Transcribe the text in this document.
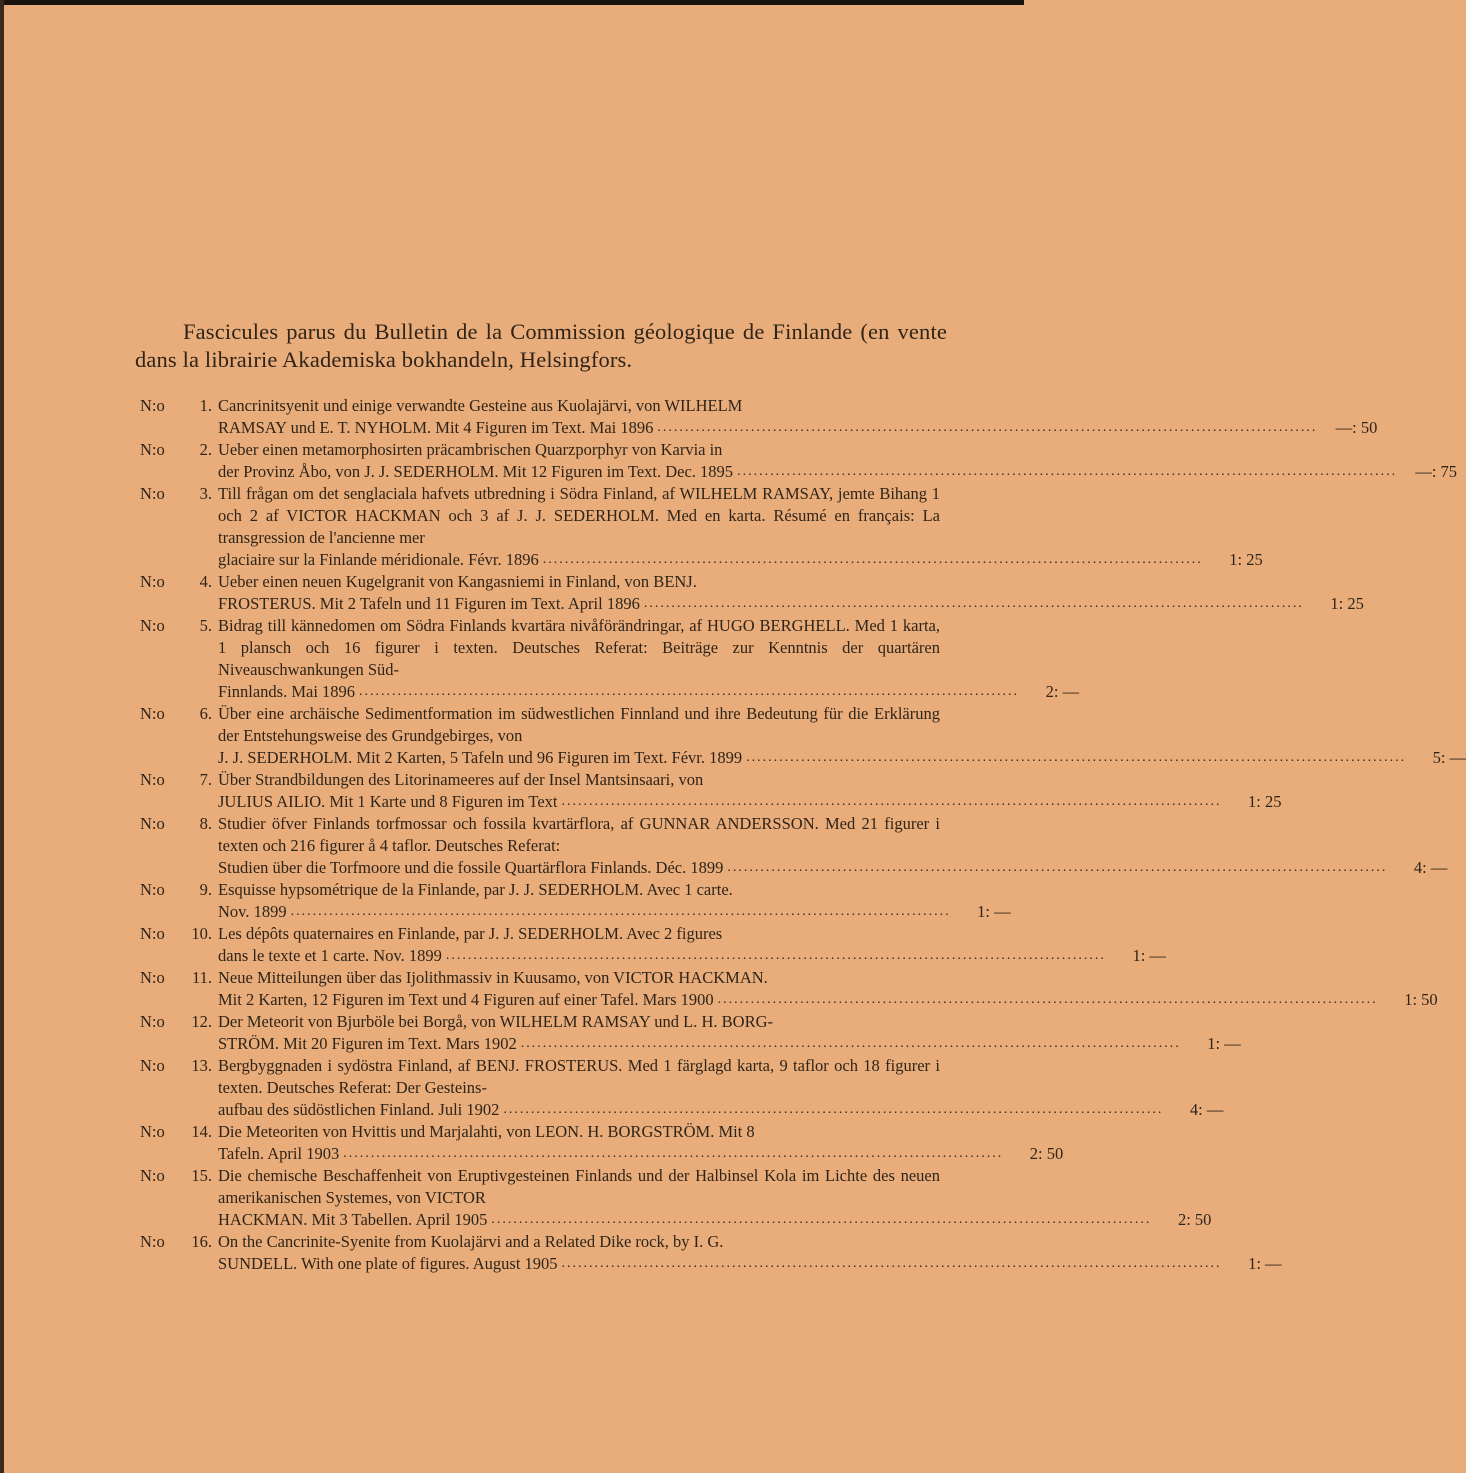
Fascicules parus du Bulletin de la Commission géologique de Finlande (en vente dans la librairie Akademiska bokhandeln, Helsingfors.

N:o 1. Cancrinitsyenit und einige verwandte Gesteine aus Kuolajärvi, von WILHELM
RAMSAY und E. T. NYHOLM. Mit 4 Figuren im Text. Mai 1896 ........................................................................................................................	—: 50
N:o 2. Ueber einen metamorphosirten präcambrischen Quarzporphyr von Karvia in
der Provinz Åbo, von J. J. SEDERHOLM. Mit 12 Figuren im Text. Dec. 1895 ........................................................................................................................	—: 75
N:o 3. Till frågan om det senglaciala hafvets utbredning i Södra Finland, af WILHELM RAMSAY, jemte Bihang 1 och 2 af VICTOR HACKMAN och 3 af J. J. SEDERHOLM. Med en karta. Résumé en français: La transgression de l'ancienne mer
glaciaire sur la Finlande méridionale. Févr. 1896 ........................................................................................................................	1: 25
N:o 4. Ueber einen neuen Kugelgranit von Kangasniemi in Finland, von BENJ.
FROSTERUS. Mit 2 Tafeln und 11 Figuren im Text. April 1896 ........................................................................................................................	1: 25
N:o 5. Bidrag till kännedomen om Södra Finlands kvartära nivåförändringar, af HUGO BERGHELL. Med 1 karta, 1 plansch och 16 figurer i texten. Deutsches Referat: Beiträge zur Kenntnis der quartären Niveauschwankungen Süd-
Finnlands. Mai 1896 ........................................................................................................................	2: —
N:o 6. Über eine archäische Sedimentformation im südwestlichen Finnland und ihre Bedeutung für die Erklärung der Entstehungsweise des Grundgebirges, von
J. J. SEDERHOLM. Mit 2 Karten, 5 Tafeln und 96 Figuren im Text. Févr. 1899 ........................................................................................................................	5: —
N:o 7. Über Strandbildungen des Litorinameeres auf der Insel Mantsinsaari, von
JULIUS AILIO. Mit 1 Karte und 8 Figuren im Text ........................................................................................................................	1: 25
N:o 8. Studier öfver Finlands torfmossar och fossila kvartärflora, af GUNNAR ANDERSSON. Med 21 figurer i texten och 216 figurer å 4 taflor. Deutsches Referat:
Studien über die Torfmoore und die fossile Quartärflora Finlands. Déc. 1899 ........................................................................................................................	4: —
N:o 9. Esquisse hypsométrique de la Finlande, par J. J. SEDERHOLM. Avec 1 carte.
Nov. 1899 ........................................................................................................................	1: —
N:o 10. Les dépôts quaternaires en Finlande, par J. J. SEDERHOLM. Avec 2 figures
dans le texte et 1 carte. Nov. 1899 ........................................................................................................................	1: —
N:o 11. Neue Mitteilungen über das Ijolithmassiv in Kuusamo, von VICTOR HACKMAN.
Mit 2 Karten, 12 Figuren im Text und 4 Figuren auf einer Tafel. Mars 1900 ........................................................................................................................	1: 50
N:o 12. Der Meteorit von Bjurböle bei Borgå, von WILHELM RAMSAY und L. H. BORG-
STRÖM. Mit 20 Figuren im Text. Mars 1902 ........................................................................................................................	1: —
N:o 13. Bergbyggnaden i sydöstra Finland, af BENJ. FROSTERUS. Med 1 färglagd karta, 9 taflor och 18 figurer i texten. Deutsches Referat: Der Gesteins-
aufbau des südöstlichen Finland. Juli 1902 ........................................................................................................................	4: —
N:o 14. Die Meteoriten von Hvittis und Marjalahti, von LEON. H. BORGSTRÖM. Mit 8
Tafeln. April 1903 ........................................................................................................................	2: 50
N:o 15. Die chemische Beschaffenheit von Eruptivgesteinen Finlands und der Halbinsel Kola im Lichte des neuen amerikanischen Systemes, von VICTOR
HACKMAN. Mit 3 Tabellen. April 1905 ........................................................................................................................	2: 50
N:o 16. On the Cancrinite-Syenite from Kuolajärvi and a Related Dike rock, by I. G.
SUNDELL. With one plate of figures. August 1905 ........................................................................................................................	1: —
